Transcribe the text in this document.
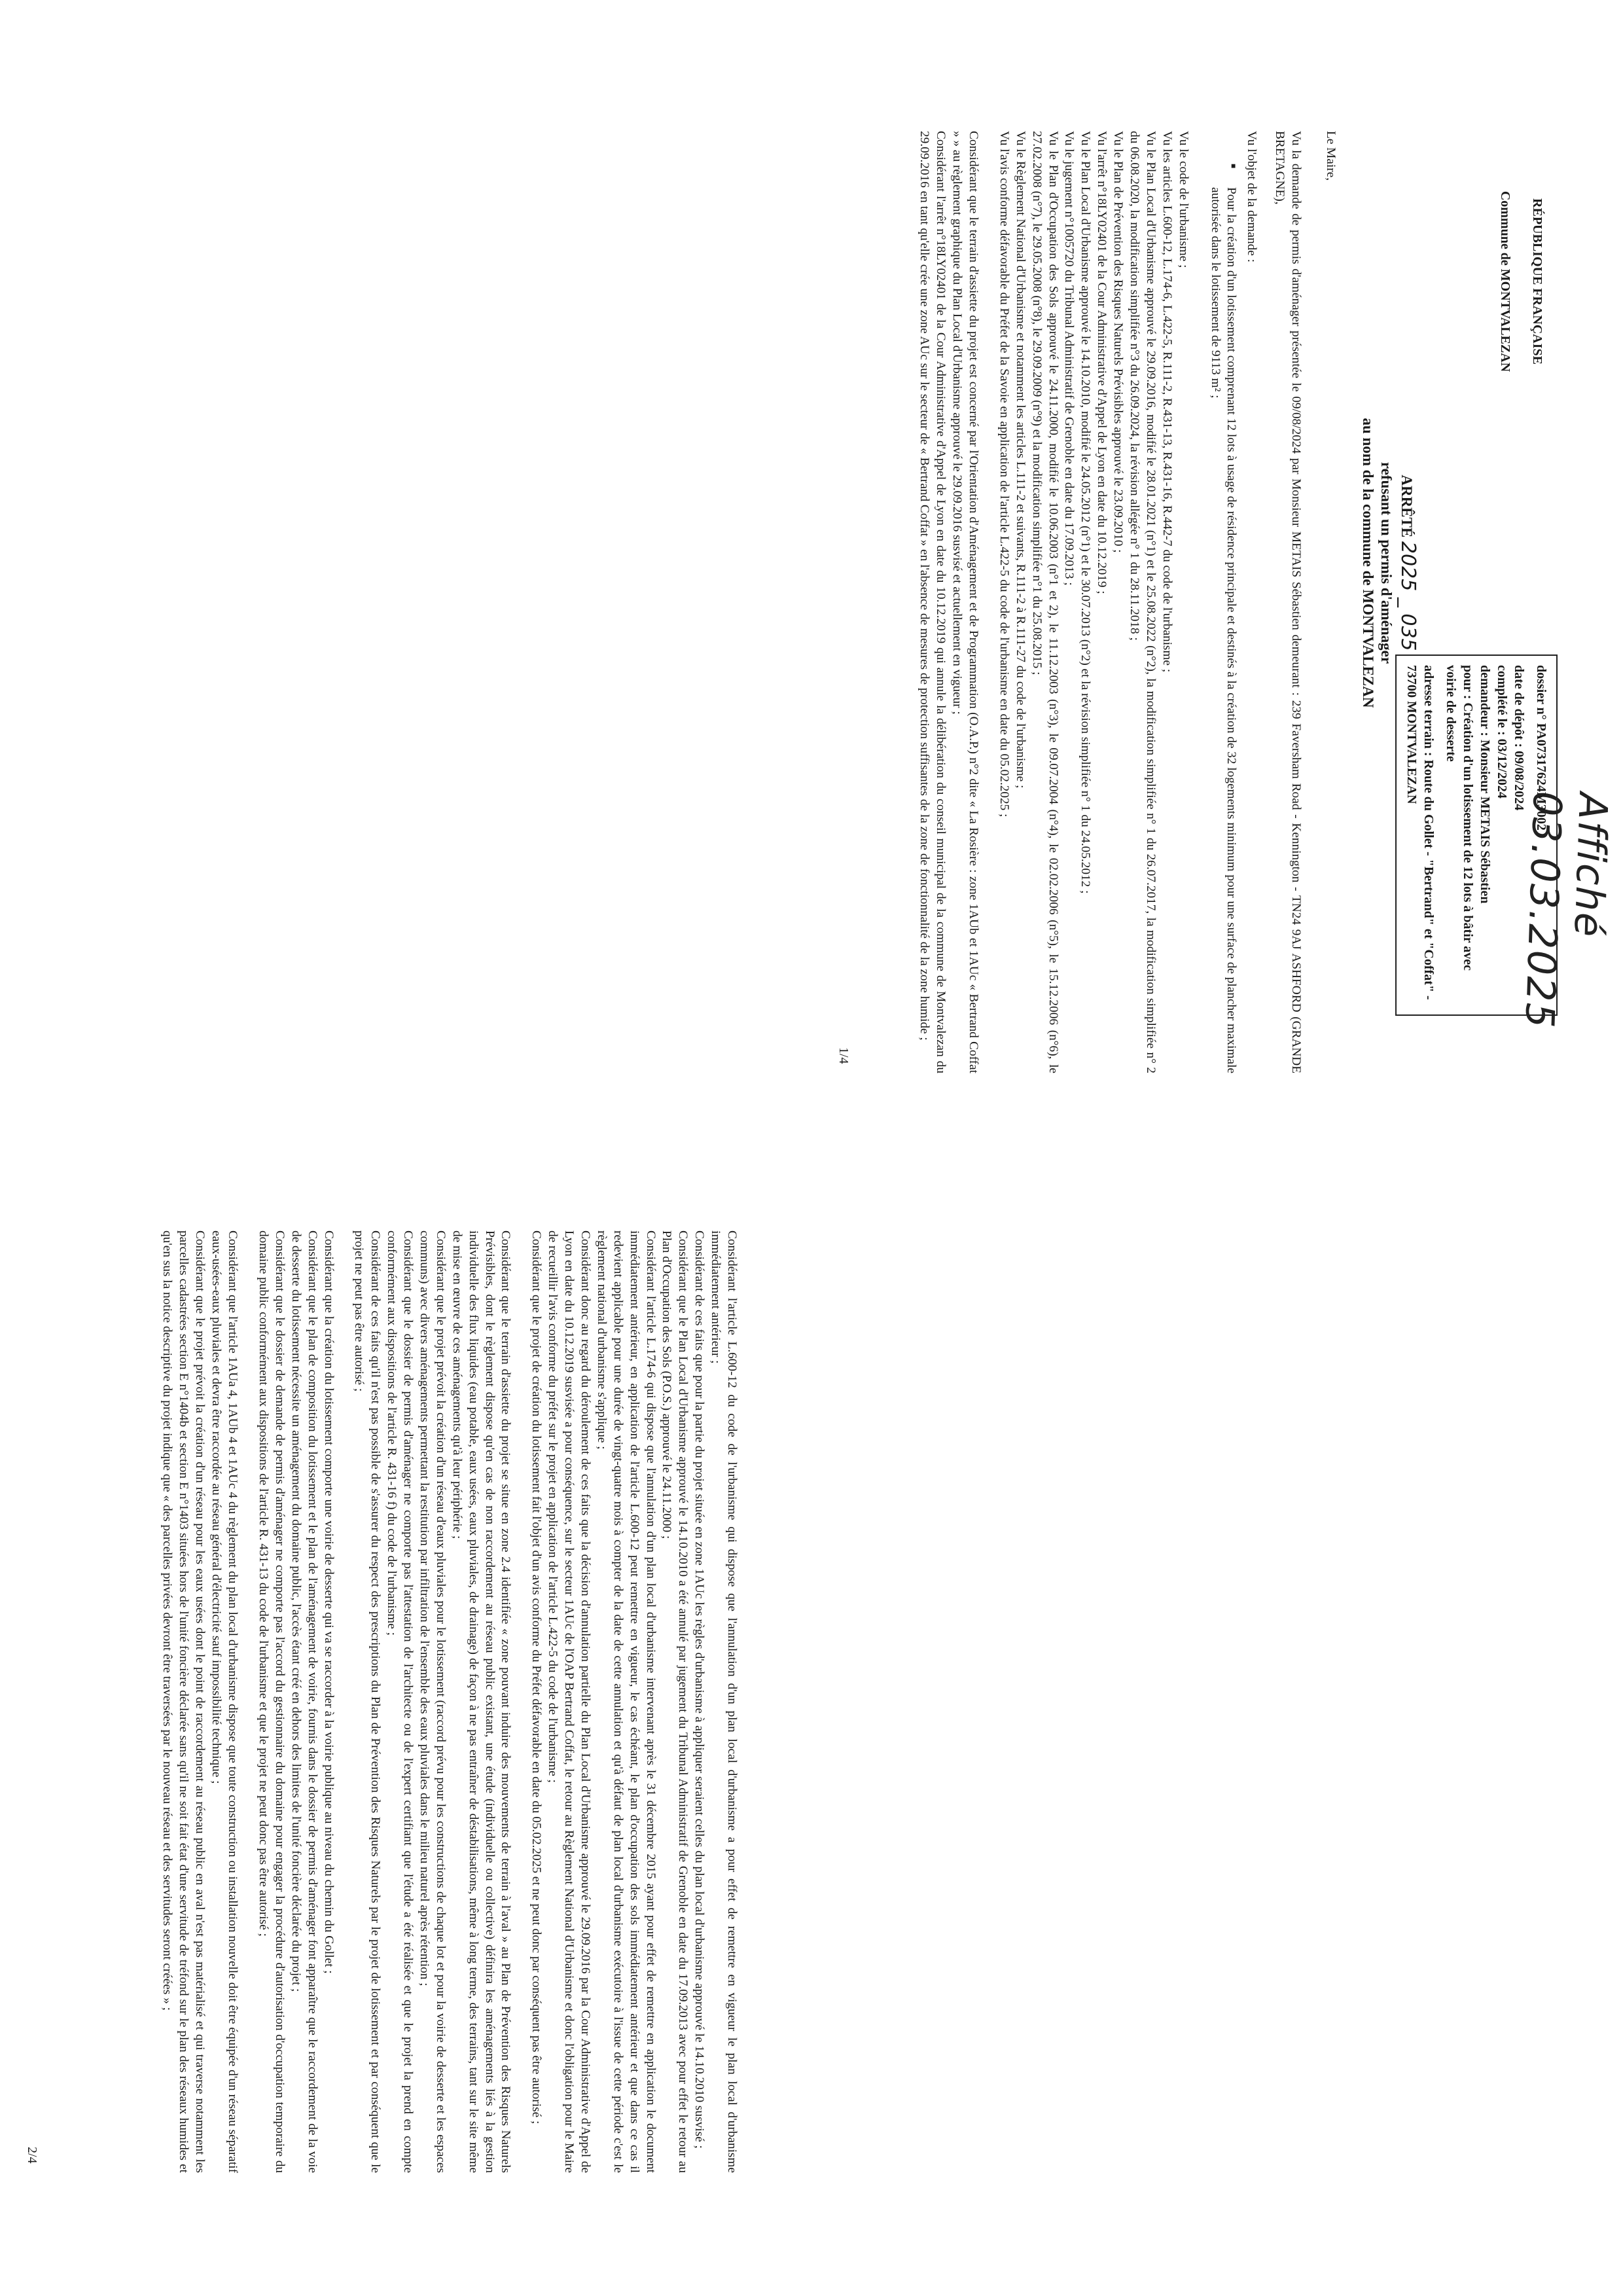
RÉPUBLIQUE FRANÇAISE
Commune de MONTVALEZAN
Affiché 03.03.2025
dossier n° PA07317624M3002
date de dépôt : 09/08/2024
complété le : 03/12/2024
demandeur : Monsieur METAIS Sébastien
pour : Création d'un lotissement de 12 lots à bâtir avec voirie de desserte
adresse terrain : Route du Gollet - "Bertrand" et "Coffat" - 73700 MONTVALEZAN
ARRÊTÉ 2025 _ 035
refusant un permis d'aménager
au nom de la commune de MONTVALEZAN

Le Maire,

Vu la demande de permis d'aménager présentée le 09/08/2024 par Monsieur METAIS Sébastien demeurant : 239 Faversham Road - Kennington - TN24 9AJ ASHFORD (GRANDE BRETAGNE),

Vu l'objet de la demande :

■ Pour la création d'un lotissement comprenant 12 lots à usage de résidence principale et destinés à la création de 32 logements minimum pour une surface de plancher maximale autorisée dans le lotissement de 9113 m² ;

Vu le code de l'urbanisme ;

Vu les articles L.600-12, L.174-6, L.422-5, R.111-2, R.431-13, R.431-16, R.442-7 du code de l'urbanisme ;

Vu le Plan Local d'Urbanisme approuvé le 29.09.2016, modifié le 28.01.2021 (n°1) et le 25.08.2022 (n°2), la modification simplifiée n° 1 du 26.07.2017, la modification simplifiée n° 2 du 06.08.2020, la modification simplifiée n°3 du 26.09.2024, la révision allégée n° 1 du 28.11.2018 ;

Vu le Plan de Prévention des Risques Naturels Prévisibles approuvé le 23.09.2010 ;

Vu l'arrêt n°18LY02401 de la Cour Administrative d'Appel de Lyon en date du 10.12.2019 ;

Vu le Plan Local d'Urbanisme approuvé le 14.10.2010, modifié le 24.05.2012 (n°1) et le 30.07.2013 (n°2) et la révision simplifiée n° 1 du 24.05.2012 ;

Vu le jugement n°1005720 du Tribunal Administratif de Grenoble en date du 17.09.2013 ;

Vu le Plan d'Occupation des Sols approuvé le 24.11.2000, modifié le 10.06.2003 (n°1 et 2), le 11.12.2003 (n°3), le 09.07.2004 (n°4), le 02.02.2006 (n°5), le 15.12.2006 (n°6), le 27.02.2008 (n°7), le 29.05.2008 (n°8), le 29.09.2009 (n°9) et la modification simplifiée n°1 du 25.08.2015 ;

Vu le Règlement National d'Urbanisme et notamment les articles L.111-2 et suivants, R.111-2 à R.111-27 du code de l'urbanisme ;

Vu l'avis conforme défavorable du Préfet de la Savoie en application de l'article L.422-5 du code de l'urbanisme en date du 05.02.2025 ;

Considérant que le terrain d'assiette du projet est concerné par l'Orientation d'Aménagement et de Programmation (O.A.P.) n°2 dite « La Rosière : zone 1AUb et 1AUc « Bertrand Coffat » » au règlement graphique du Plan Local d'Urbanisme approuvé le 29.09.2016 susvisé et actuellement en vigueur ;

Considérant l'arrêt n°18LY02401 de la Cour Administrative d'Appel de Lyon en date du 10.12.2019 qui annule la délibération du conseil municipal de la commune de Montvalezan du 29.09.2016 en tant qu'elle crée une zone AUc sur le secteur de « Bertrand Coffat » en l'absence de mesures de protection suffisantes de la zone de fonctionnalité de la zone humide ;

1/4

Considérant l'article L.600-12 du code de l'urbanisme qui dispose que l'annulation d'un plan local d'urbanisme a pour effet de remettre en vigueur le plan local d'urbanisme immédiatement antérieur ;

Considérant de ces faits que pour la partie du projet située en zone 1AUc les règles d'urbanisme à appliquer seraient celles du plan local d'urbanisme approuvé le 14.10.2010 susvisé ;

Considérant que le Plan Local d'Urbanisme approuvé le 14.10.2010 a été annulé par jugement du Tribunal Administratif de Grenoble en date du 17.09.2013 avec pour effet le retour au Plan d'Occupation des Sols (P.O.S.) approuvé le 24.11.2000 ;

Considérant l'article L.174-6 qui dispose que l'annulation d'un plan local d'urbanisme intervenant après le 31 décembre 2015 ayant pour effet de remettre en application le document immédiatement antérieur, en application de l'article L.600-12 peut remettre en vigueur, le cas échéant, le plan d'occupation des sols immédiatement antérieur et que dans ce cas il redevient applicable pour une durée de vingt-quatre mois à compter de la date de cette annulation et qu'à défaut de plan local d'urbanisme exécutoire à l'issue de cette période c'est le règlement national d'urbanisme s'applique ;

Considérant donc au regard du déroulement de ces faits que la décision d'annulation partielle du Plan Local d'Urbanisme approuvé le 29.09.2016 par la Cour Administrative d'Appel de Lyon en date du 10.12.2019 susvisée a pour conséquence, sur le secteur 1AUc de l'OAP Bertrand Coffat, le retour au Règlement National d'Urbanisme et donc l'obligation pour le Maire de recueillir l'avis conforme du préfet sur le projet en application de l'article L.422-5 du code de l'urbanisme ;

Considérant que le projet de création du lotissement fait l'objet d'un avis conforme du Préfet défavorable en date du 05.02.2025 et ne peut donc par conséquent pas être autorisé ;

Considérant que le terrain d'assiette du projet se situe en zone 2.4 identifiée « zone pouvant induire des mouvements de terrain à l'aval » au Plan de Prévention des Risques Naturels Prévisibles, dont le règlement dispose qu'en cas de non raccordement au réseau public existant, une étude (individuelle ou collective) définira les aménagements liés à la gestion individuelle des flux liquides (eau potable, eaux usées, eaux pluviales, de drainage) de façon à ne pas entraîner de déstabilisations, même à long terme, des terrains, tant sur le site même de mise en œuvre de ces aménagements qu'à leur périphérie ;

Considérant que le projet prévoit la création d'un réseau d'eaux pluviales pour le lotissement (raccord prévu pour les constructions de chaque lot et pour la voirie de desserte et les espaces communs) avec divers aménagements permettant la restitution par infiltration de l'ensemble des eaux pluviales dans le milieu naturel après rétention ;

Considérant que le dossier de permis d'aménager ne comporte pas l'attestation de l'architecte ou de l'expert certifiant que l'étude a été réalisée et que le projet la prend en compte conformément aux dispositions de l'article R. 431-16 f) du code de l'urbanisme ;

Considérant de ces faits qu'il n'est pas possible de s'assurer du respect des prescriptions du Plan de Prévention des Risques Naturels par le projet de lotissement et par conséquent que le projet ne peut pas être autorisé ;

Considérant que la création du lotissement comporte une voirie de desserte qui va se raccorder à la voirie publique au niveau du chemin du Gollet ;

Considérant que le plan de composition du lotissement et le plan de l'aménagement de voirie, fournis dans le dossier de permis d'aménager font apparaître que le raccordement de la voie de desserte du lotissement nécessite un aménagement du domaine public, l'accès étant créé en dehors des limites de l'unité foncière déclarée du projet ;

Considérant que le dossier de demande de permis d'aménager ne comporte pas l'accord du gestionnaire du domaine pour engager la procédure d'autorisation d'occupation temporaire du domaine public conformément aux dispositions de l'article R. 431-13 du code de l'urbanisme et que le projet ne peut donc pas être autorisé ;

Considérant que l'article 1AUa 4, 1AUb 4 et 1AUc 4 du règlement du plan local d'urbanisme dispose que toute construction ou installation nouvelle doit être équipée d'un réseau séparatif eaux-usées-eaux pluviales et devra être raccordée au réseau général d'électricité sauf impossibilité technique ;

Considérant que le projet prévoit la création d'un réseau pour les eaux usées dont le point de raccordement au réseau public en aval n'est pas matérialisé et qui traverse notamment les parcelles cadastrées section E n°1404b et section E n°1403 situées hors de l'unité foncière déclarée sans qu'il ne soit fait état d'une servitude de tréfond sur le plan des réseaux humides et qu'en sus la notice descriptive du projet indique que « des parcelles privées devront être traversées par le nouveau réseau et des servitudes seront créées » ;

2/4
